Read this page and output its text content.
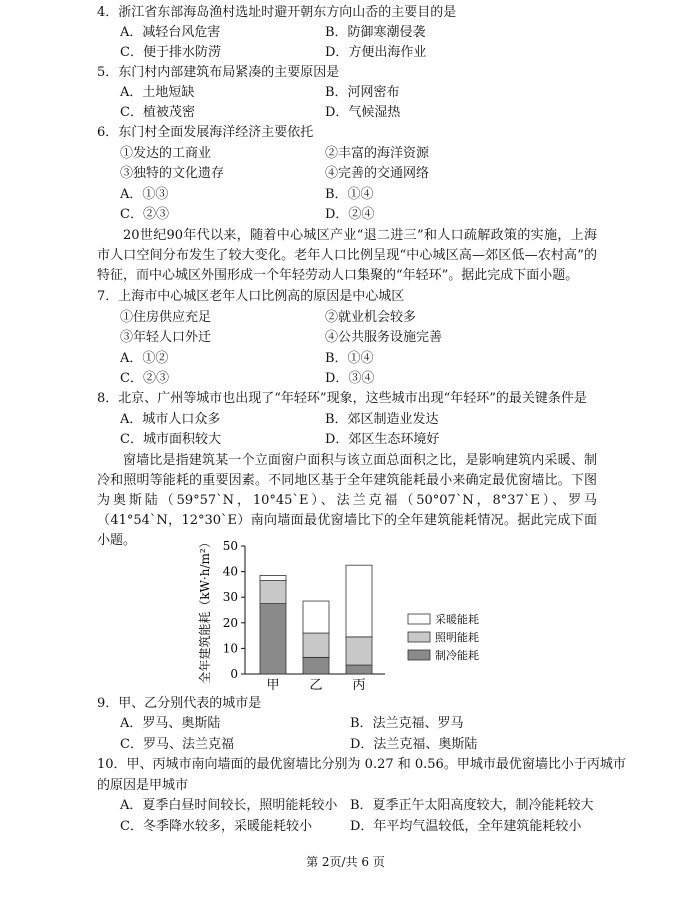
4．浙江省东部海岛渔村选址时避开朝东方向山岙的主要目的是
A．减轻台风危害	B．防御寒潮侵袭
C．便于排水防涝	D．方便出海作业
5．东门村内部建筑布局紧凑的主要原因是
A．土地短缺	B．河网密布
C．植被茂密	D．气候湿热
6．东门村全面发展海洋经济主要依托
①发达的工商业	②丰富的海洋资源
③独特的文化遗存	④完善的交通网络
A．①③	B．①④
C．②③	D．②④
20世纪90年代以来，随着中心城区产业“退二进三”和人口疏解政策的实施，上海市人口空间分布发生了较大变化。老年人口比例呈现“中心城区高—郊区低—农村高”的特征，而中心城区外围形成一个年轻劳动人口集聚的“年轻环”。据此完成下面小题。
7．上海市中心城区老年人口比例高的原因是中心城区
①住房供应充足	②就业机会较多
③年轻人口外迁	④公共服务设施完善
A．①②	B．①④
C．②③	D．③④
8．北京、广州等城市也出现了“年轻环”现象，这些城市出现“年轻环”的最关键条件是
A．城市人口众多	B．郊区制造业发达
C．城市面积较大	D．郊区生态环境好
窗墙比是指建筑某一个立面窗户面积与该立面总面积之比，是影响建筑内采暖、制冷和照明等能耗的重要因素。不同地区基于全年建筑能耗最小来确定最优窗墙比。下图为奥斯陆（59°57`N，10°45`E）、法兰克福（50°07`N，8°37`E）、罗马（41°54`N，12°30`E）南向墙面最优窗墙比下的全年建筑能耗情况。据此完成下面小题。	全年建筑能耗（kW·h/m²） 0
10
20
30
40
50
甲 乙 丙
采暖能耗
照明能耗
制冷能耗
9．甲、乙分别代表的城市是
A．罗马、奥斯陆	B．法兰克福、罗马
C．罗马、法兰克福	D．法兰克福、奥斯陆
10．甲、丙城市南向墙面的最优窗墙比分别为 0.27 和 0.56。甲城市最优窗墙比小于丙城市
的原因是甲城市
A．夏季白昼时间较长，照明能耗较小 B．夏季正午太阳高度较大，制冷能耗较大
C．冬季降水较多，采暖能耗较小	D．年平均气温较低，全年建筑能耗较小
第 2页/共 6 页
